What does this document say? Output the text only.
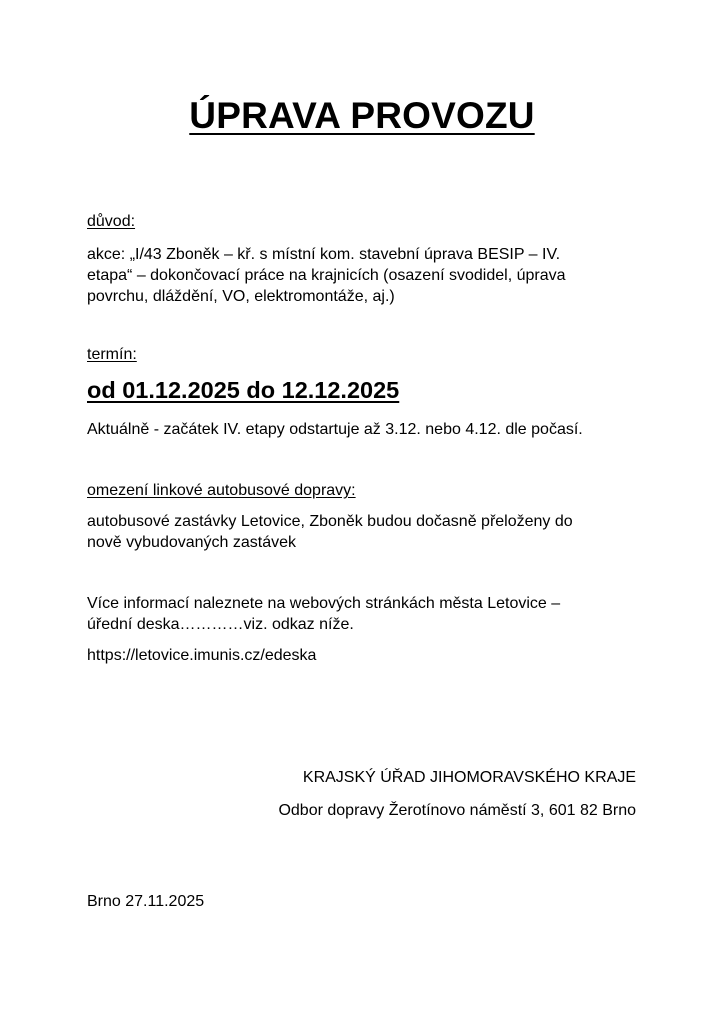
ÚPRAVA PROVOZU
důvod:
akce: „I/43 Zboněk – kř. s místní kom. stavební úprava BESIP – IV.
etapa“ – dokončovací práce na krajnicích (osazení svodidel, úprava
povrchu, dláždění, VO, elektromontáže, aj.)
termín:
od 01.12.2025 do 12.12.2025
Aktuálně - začátek IV. etapy odstartuje až 3.12. nebo 4.12. dle počasí.
omezení linkové autobusové dopravy:
autobusové zastávky Letovice, Zboněk budou dočasně přeloženy do
nově vybudovaných zastávek
Více informací naleznete na webových stránkách města Letovice –
úřední deska…………viz. odkaz níže.
https://letovice.imunis.cz/edeska
KRAJSKÝ ÚŘAD JIHOMORAVSKÉHO KRAJE
Odbor dopravy Žerotínovo náměstí 3, 601 82 Brno
Brno 27.11.2025
